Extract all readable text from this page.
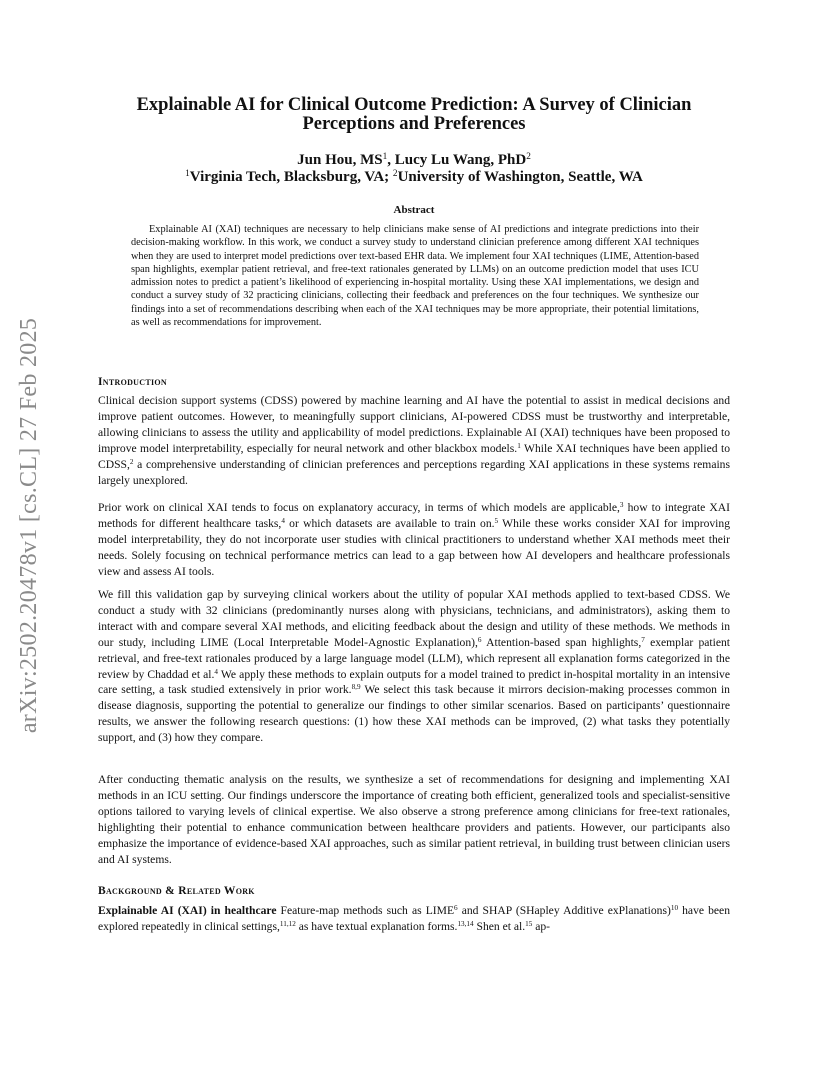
arXiv:2502.20478v1 [cs.CL] 27 Feb 2025
Explainable AI for Clinical Outcome Prediction: A Survey of Clinician Perceptions and Preferences
Jun Hou, $MS^1$, Lucy Lu Wang, PhD$^2$
$^1$Virginia Tech, Blacksburg, VA; $^2$University of Washington, Seattle, WA
Abstract

Explainable AI (XAI) techniques are necessary to help clinicians make sense of AI predictions and integrate predictions into their decision-making workflow. In this work, we conduct a survey study to understand clinician preference among different XAI techniques when they are used to interpret model predictions over text-based EHR data. We implement four XAI techniques (LIME, Attention-based span highlights, exemplar patient retrieval, and free-text rationales generated by LLMs) on an outcome prediction model that uses ICU admission notes to predict a patient’s likelihood of experiencing in-hospital mortality. Using these XAI implementations, we design and conduct a survey study of 32 practicing clinicians, collecting their feedback and preferences on the four techniques. We synthesize our findings into a set of recommendations describing when each of the XAI techniques may be more appropriate, their potential limitations, as well as recommendations for improvement.

Introduction

Clinical decision support systems (CDSS) powered by machine learning and AI have the potential to assist in medical decisions and improve patient outcomes. However, to meaningfully support clinicians, AI-powered CDSS must be trustworthy and interpretable, allowing clinicians to assess the utility and applicability of model predictions. Explainable AI (XAI) techniques have been proposed to improve model interpretability, especially for neural network and other blackbox models.$^1$ While XAI techniques have been applied to CDSS,$^2$ a comprehensive understanding of clinician preferences and perceptions regarding XAI applications in these systems remains largely unexplored.

Prior work on clinical XAI tends to focus on explanatory accuracy, in terms of which models are applicable,$^3$ how to integrate XAI methods for different healthcare tasks,$^4$ or which datasets are available to train on.$^5$ While these works consider XAI for improving model interpretability, they do not incorporate user studies with clinical practitioners to understand whether XAI methods meet their needs. Solely focusing on technical performance metrics can lead to a gap between how AI developers and healthcare professionals view and assess AI tools.

We fill this validation gap by surveying clinical workers about the utility of popular XAI methods applied to text-based CDSS. We conduct a study with 32 clinicians (predominantly nurses along with physicians, technicians, and administrators), asking them to interact with and compare several XAI methods, and eliciting feedback about the design and utility of these methods. We methods in our study, including LIME (Local Interpretable Model-Agnostic Explanation),$^6$ Attention-based span highlights,$^7$ exemplar patient retrieval, and free-text rationales produced by a large language model (LLM), which represent all explanation forms categorized in the review by Chaddad et al.$^4$ We apply these methods to explain outputs for a model trained to predict in-hospital mortality in an intensive care setting, a task studied extensively in prior work.$^{8,9}$ We select this task because it mirrors decision-making processes common in disease diagnosis, supporting the potential to generalize our findings to other similar scenarios. Based on participants’ questionnaire results, we answer the following research questions: (1) how these XAI methods can be improved, (2) what tasks they potentially support, and (3) how they compare.

After conducting thematic analysis on the results, we synthesize a set of recommendations for designing and implementing XAI methods in an ICU setting. Our findings underscore the importance of creating both efficient, generalized tools and specialist-sensitive options tailored to varying levels of clinical expertise. We also observe a strong preference among clinicians for free-text rationales, highlighting their potential to enhance communication between healthcare providers and patients. However, our participants also emphasize the importance of evidence-based XAI approaches, such as similar patient retrieval, in building trust between clinician users and AI systems.

Background & Related Work

Explainable AI (XAI) in healthcare Feature-map methods such as LIME$^6$ and SHAP (SHapley Additive exPlanations)$^{10}$ have been explored repeatedly in clinical settings,$^{11,12}$ as have textual explanation forms.$^{13,14}$ Shen et al.$^{15}$ ap-
